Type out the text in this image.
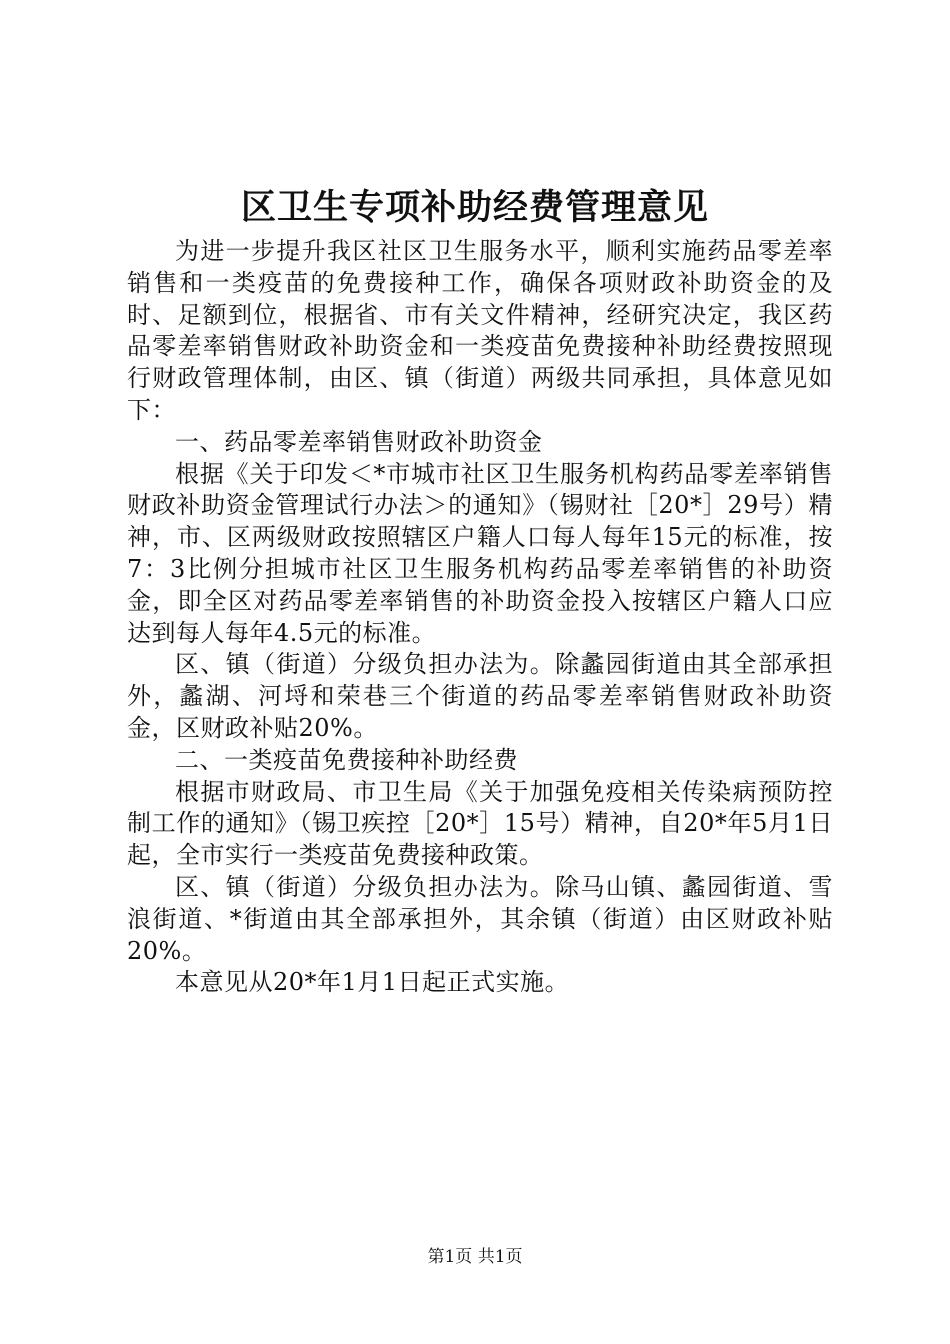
区卫生专项补助经费管理意见

为进一步提升我区社区卫生服务水平，顺利实施药品零差率销售和一类疫苗的免费接种工作，确保各项财政补助资金的及时、足额到位，根据省、市有关文件精神，经研究决定，我区药品零差率销售财政补助资金和一类疫苗免费接种补助经费按照现行财政管理体制，由区、镇（街道）两级共同承担，具体意见如下：

一、药品零差率销售财政补助资金

根据《关于印发＜*市城市社区卫生服务机构药品零差率销售财政补助资金管理试行办法＞的通知》（锡财社［20*］29号）精神，市、区两级财政按照辖区户籍人口每人每年15元的标准，按7：3比例分担城市社区卫生服务机构药品零差率销售的补助资金，即全区对药品零差率销售的补助资金投入按辖区户籍人口应达到每人每年4.5元的标准。

区、镇（街道）分级负担办法为。除蠡园街道由其全部承担外，蠡湖、河埒和荣巷三个街道的药品零差率销售财政补助资金，区财政补贴20%。

二、一类疫苗免费接种补助经费

根据市财政局、市卫生局《关于加强免疫相关传染病预防控制工作的通知》（锡卫疾控［20*］15号）精神，自20*年5月1日起，全市实行一类疫苗免费接种政策。

区、镇（街道）分级负担办法为。除马山镇、蠡园街道、雪浪街道、*街道由其全部承担外，其余镇（街道）由区财政补贴20%。

本意见从20*年1月1日起正式实施。

第1页 共1页
